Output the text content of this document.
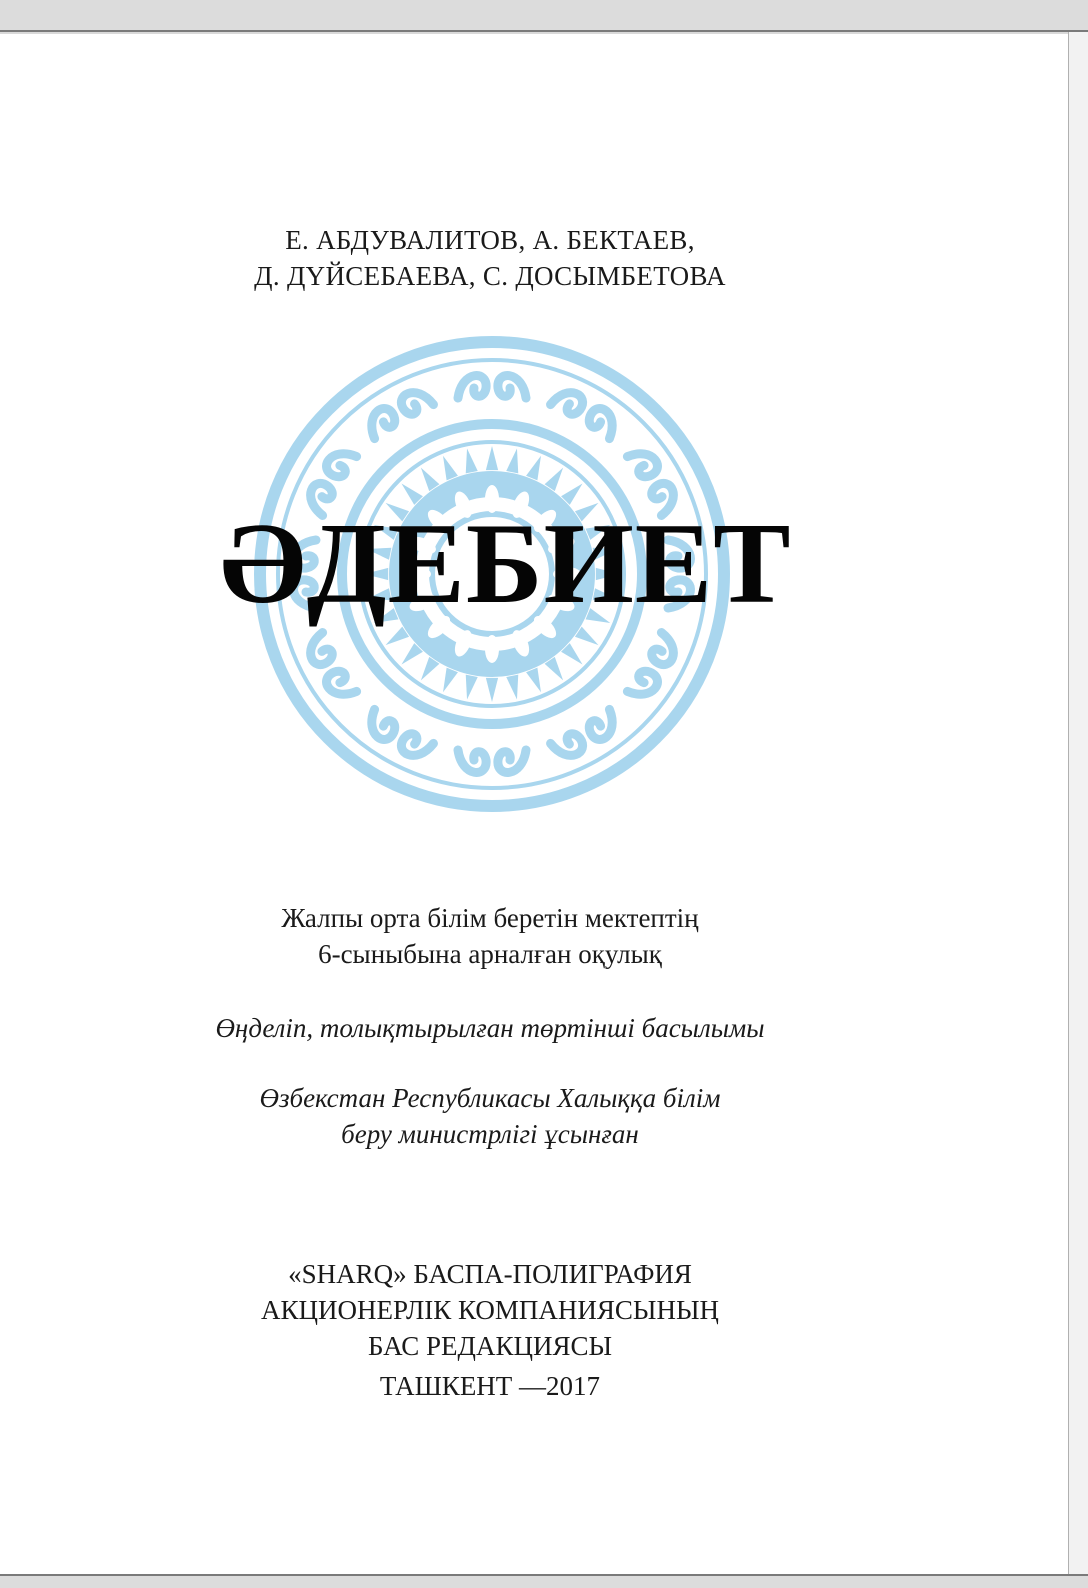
Е. АБДУВАЛИТОВ, А. БЕКТАЕВ,
Д. ДҮЙСЕБАЕВА, С. ДОСЫМБЕТОВА
ӘДЕБИЕТ
Жалпы орта білім беретін мектептің
6-сыныбына арналған оқулық
Өңделіп, толықтырылған төртінші басылымы
Өзбекстан Республикасы Халыққа білім
беру министрлігі ұсынған
«SHARQ» БАСПА-ПОЛИГРАФИЯ
АКЦИОНЕРЛІК КОМПАНИЯСЫНЫҢ
БАС РЕДАКЦИЯСЫ
ТАШКЕНТ —2017
